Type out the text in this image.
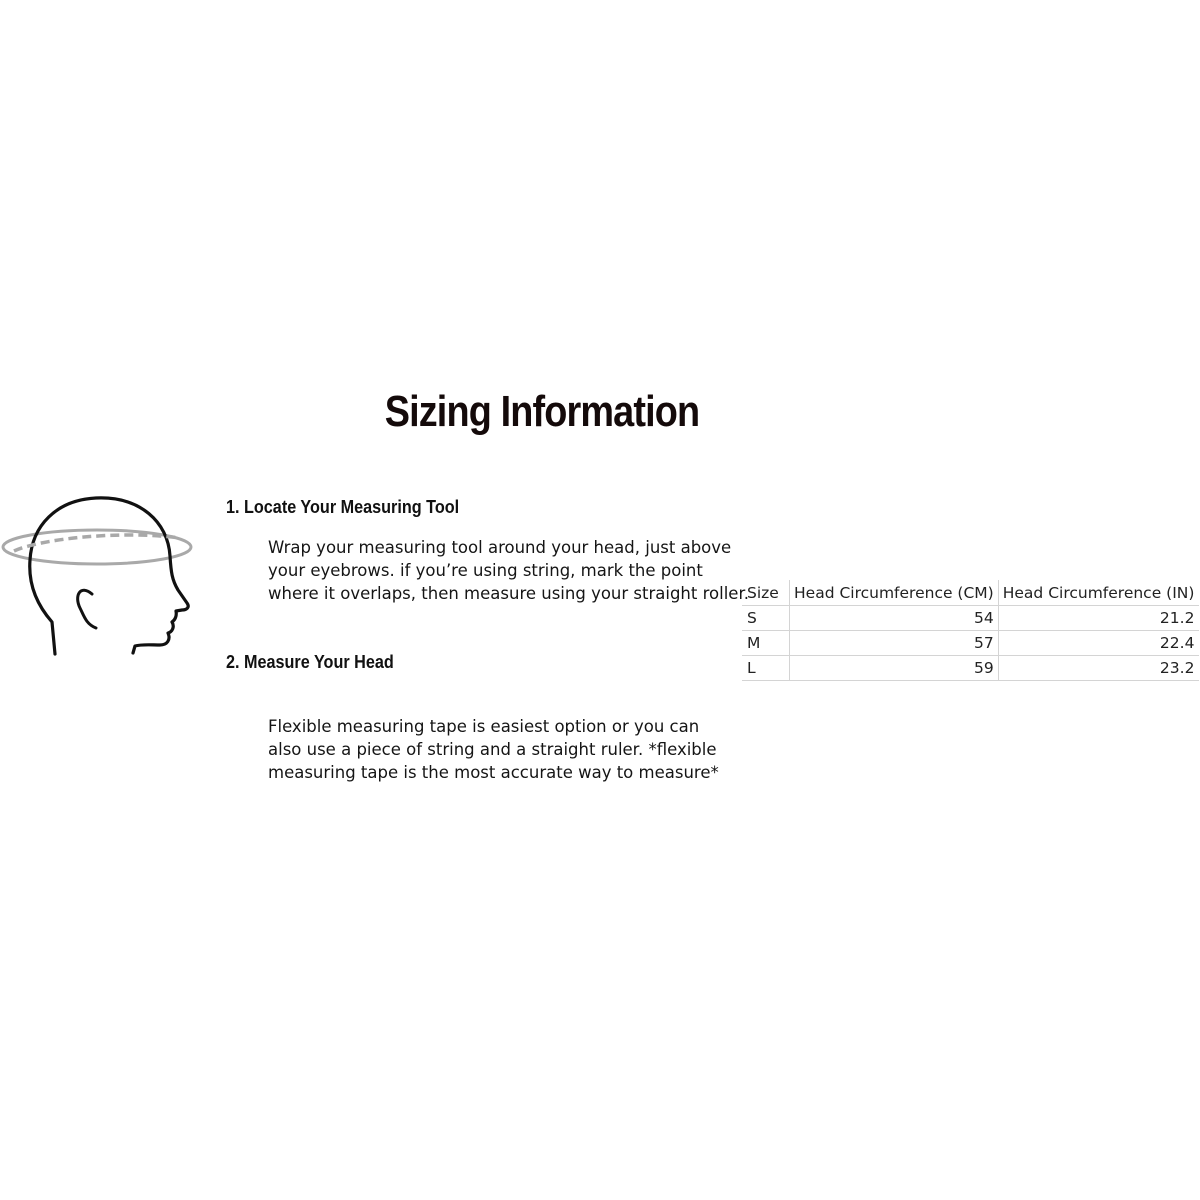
Sizing Information
1. Locate Your Measuring Tool

Wrap your measuring tool around your head, just above
your eyebrows. if you’re using string, mark the point
where it overlaps, then measure using your straight roller.

2. Measure Your Head

Flexible measuring tape is easiest option or you can
also use a piece of string and a straight ruler. *flexible
measuring tape is the most accurate way to measure*

Size	Head Circumference (CM)	Head Circumference (IN)
S	54	21.2
M	57	22.4
L	59	23.2
